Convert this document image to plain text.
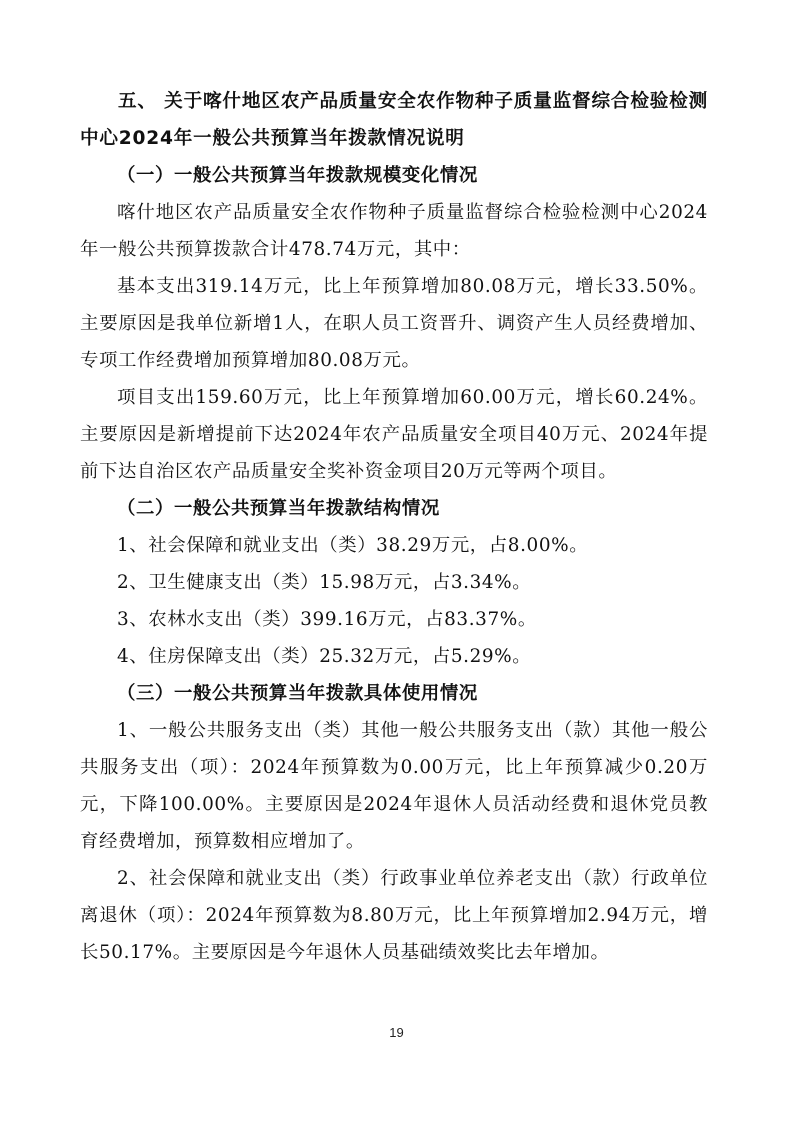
五、 关于喀什地区农产品质量安全农作物种子质量监督综合检验检测中心2024年一般公共预算当年拨款情况说明

（一）一般公共预算当年拨款规模变化情况

喀什地区农产品质量安全农作物种子质量监督综合检验检测中心2024年一般公共预算拨款合计478.74万元，其中：

基本支出319.14万元，比上年预算增加80.08万元，增长33.50%。主要原因是我单位新增1人，在职人员工资晋升、调资产生人员经费增加、专项工作经费增加预算增加80.08万元。

项目支出159.60万元，比上年预算增加60.00万元，增长60.24%。主要原因是新增提前下达2024年农产品质量安全项目40万元、2024年提前下达自治区农产品质量安全奖补资金项目20万元等两个项目。

（二）一般公共预算当年拨款结构情况

1、社会保障和就业支出（类）38.29万元，占8.00%。

2、卫生健康支出（类）15.98万元，占3.34%。

3、农林水支出（类）399.16万元，占83.37%。

4、住房保障支出（类）25.32万元，占5.29%。

（三）一般公共预算当年拨款具体使用情况

1、一般公共服务支出（类）其他一般公共服务支出（款）其他一般公共服务支出（项）：2024年预算数为0.00万元，比上年预算减少0.20万元，下降100.00%。主要原因是2024年退休人员活动经费和退休党员教育经费增加，预算数相应增加了。

2、社会保障和就业支出（类）行政事业单位养老支出（款）行政单位离退休（项）：2024年预算数为8.80万元，比上年预算增加2.94万元，增长50.17%。主要原因是今年退休人员基础绩效奖比去年增加。

19
